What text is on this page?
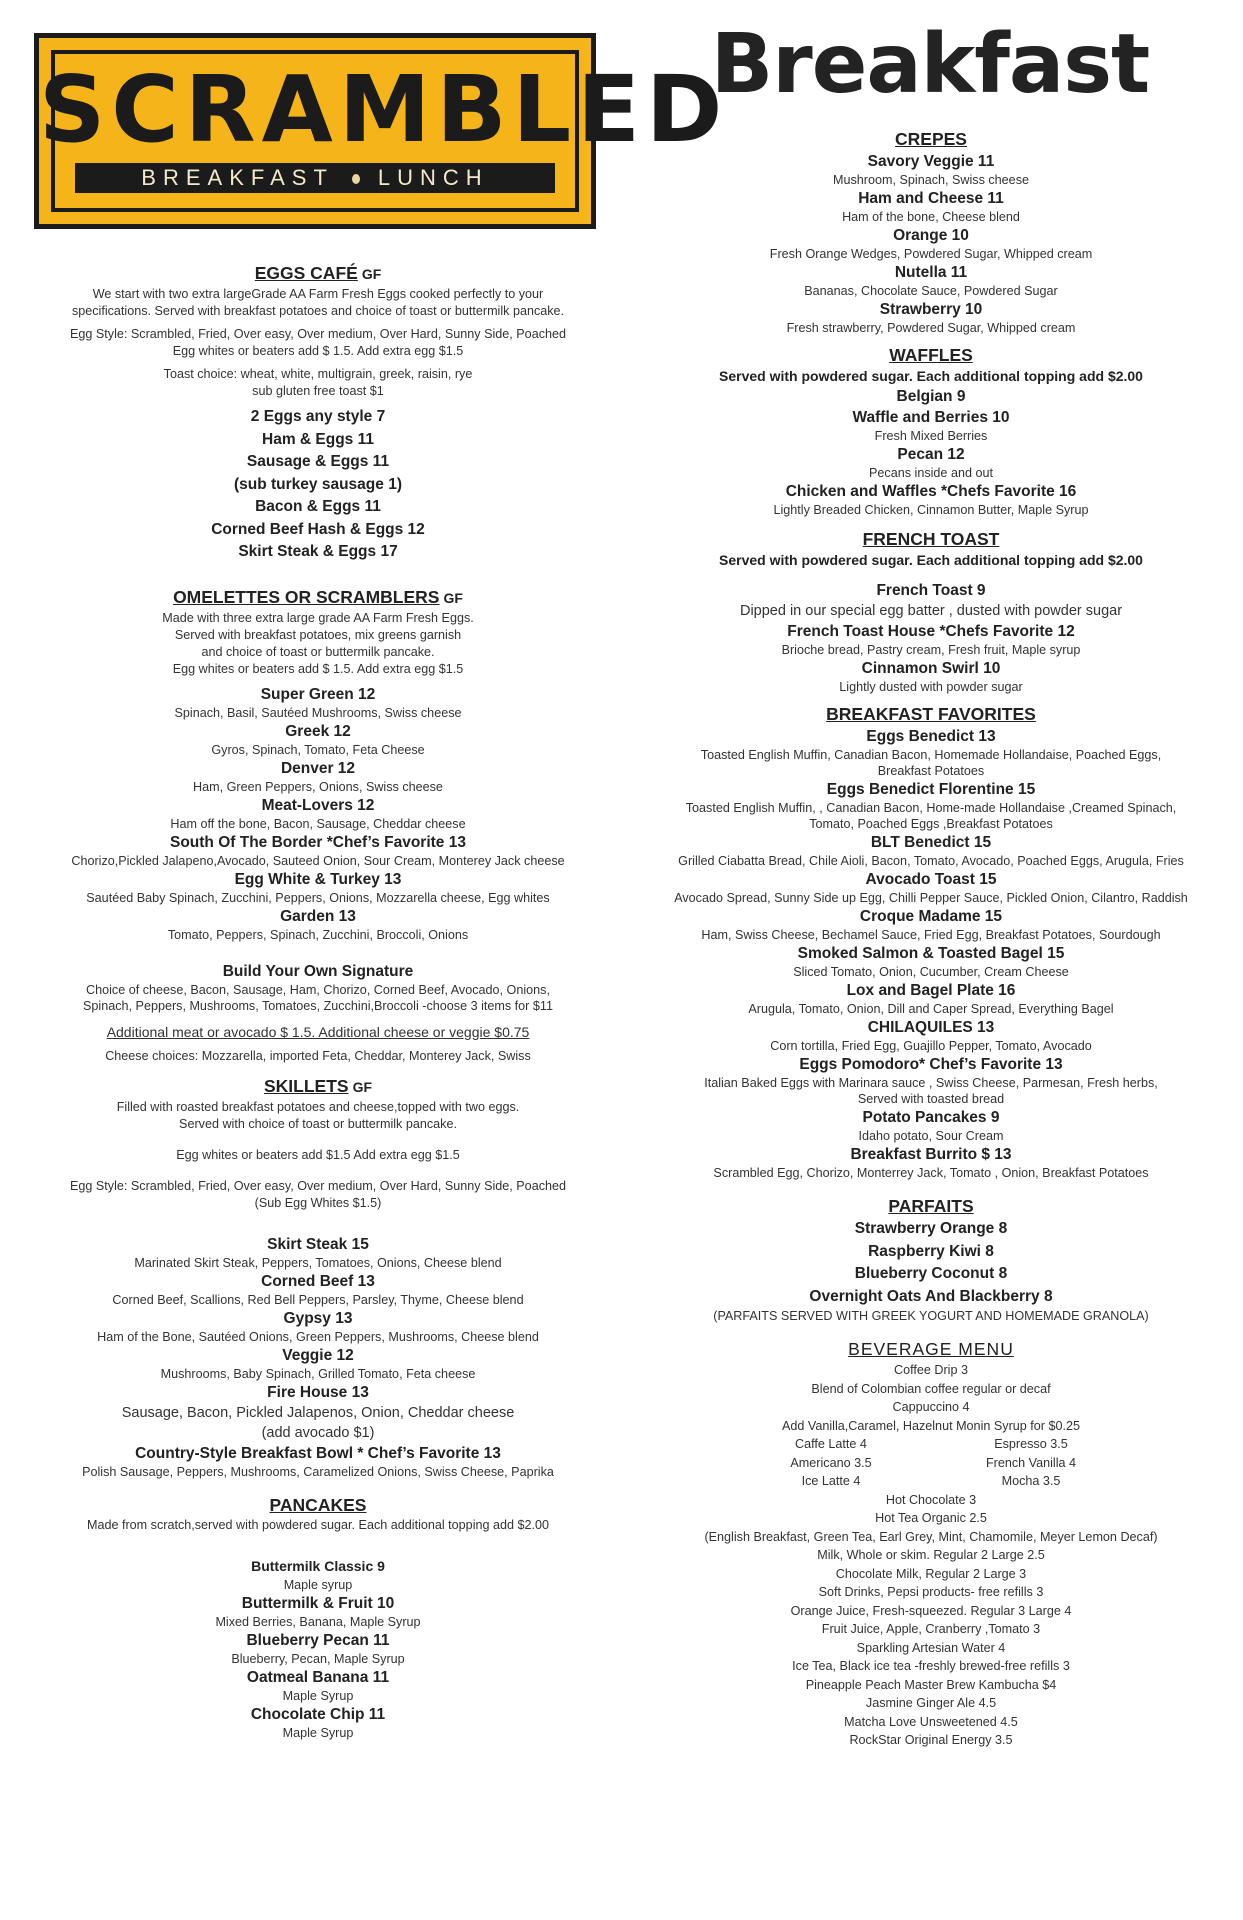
SCRAMBLED
BREAKFAST LUNCH
Breakfast
EGGS CAFÉ GF
We start with two extra largeGrade AA Farm Fresh Eggs cooked perfectly to your
specifications. Served with breakfast potatoes and choice of toast or buttermilk pancake.
Egg Style: Scrambled, Fried, Over easy, Over medium, Over Hard, Sunny Side, Poached
Egg whites or beaters add $ 1.5. Add extra egg $1.5
Toast choice: wheat, white, multigrain, greek, raisin, rye
sub gluten free toast $1
2 Eggs any style 7
Ham & Eggs 11
Sausage & Eggs 11
(sub turkey sausage 1)
Bacon & Eggs 11
Corned Beef Hash & Eggs 12
Skirt Steak & Eggs 17
OMELETTES OR SCRAMBLERS GF
Made with three extra large grade AA Farm Fresh Eggs.
Served with breakfast potatoes, mix greens garnish
and choice of toast or buttermilk pancake.
Egg whites or beaters add $ 1.5. Add extra egg $1.5
Super Green 12
Spinach, Basil, Sautéed Mushrooms, Swiss cheese
Greek 12
Gyros, Spinach, Tomato, Feta Cheese
Denver 12
Ham, Green Peppers, Onions, Swiss cheese
Meat-Lovers 12
Ham off the bone, Bacon, Sausage, Cheddar cheese
South Of The Border *Chef’s Favorite 13
Chorizo,Pickled Jalapeno,Avocado, Sauteed Onion, Sour Cream, Monterey Jack cheese
Egg White & Turkey 13
Sautéed Baby Spinach, Zucchini, Peppers, Onions, Mozzarella cheese, Egg whites
Garden 13
Tomato, Peppers, Spinach, Zucchini, Broccoli, Onions
Build Your Own Signature
Choice of cheese, Bacon, Sausage, Ham, Chorizo, Corned Beef, Avocado, Onions,
Spinach, Peppers, Mushrooms, Tomatoes, Zucchini,Broccoli -choose 3 items for $11
Additional meat or avocado $ 1.5. Additional cheese or veggie $0.75
Cheese choices: Mozzarella, imported Feta, Cheddar, Monterey Jack, Swiss
SKILLETS GF
Filled with roasted breakfast potatoes and cheese,topped with two eggs.
Served with choice of toast or buttermilk pancake.
Egg whites or beaters add $1.5 Add extra egg $1.5
Egg Style: Scrambled, Fried, Over easy, Over medium, Over Hard, Sunny Side, Poached
(Sub Egg Whites $1.5)
Skirt Steak 15
Marinated Skirt Steak, Peppers, Tomatoes, Onions, Cheese blend
Corned Beef 13
Corned Beef, Scallions, Red Bell Peppers, Parsley, Thyme, Cheese blend
Gypsy 13
Ham of the Bone, Sautéed Onions, Green Peppers, Mushrooms, Cheese blend
Veggie 12
Mushrooms, Baby Spinach, Grilled Tomato, Feta cheese
Fire House 13
Sausage, Bacon, Pickled Jalapenos, Onion, Cheddar cheese
(add avocado $1)
Country-Style Breakfast Bowl * Chef’s Favorite 13
Polish Sausage, Peppers, Mushrooms, Caramelized Onions, Swiss Cheese, Paprika
PANCAKES
Made from scratch,served with powdered sugar. Each additional topping add $2.00
Buttermilk Classic 9
Maple syrup
Buttermilk & Fruit 10
Mixed Berries, Banana, Maple Syrup
Blueberry Pecan 11
Blueberry, Pecan, Maple Syrup
Oatmeal Banana 11
Maple Syrup
Chocolate Chip 11
Maple Syrup
CREPES
Savory Veggie 11
Mushroom, Spinach, Swiss cheese
Ham and Cheese 11
Ham of the bone, Cheese blend
Orange 10
Fresh Orange Wedges, Powdered Sugar, Whipped cream
Nutella 11
Bananas, Chocolate Sauce, Powdered Sugar
Strawberry 10
Fresh strawberry, Powdered Sugar, Whipped cream
WAFFLES
Served with powdered sugar. Each additional topping add $2.00
Belgian 9
Waffle and Berries 10
Fresh Mixed Berries
Pecan 12
Pecans inside and out
Chicken and Waffles *Chefs Favorite 16
Lightly Breaded Chicken, Cinnamon Butter, Maple Syrup
FRENCH TOAST
Served with powdered sugar. Each additional topping add $2.00
French Toast 9
Dipped in our special egg batter , dusted with powder sugar
French Toast House *Chefs Favorite 12
Brioche bread, Pastry cream, Fresh fruit, Maple syrup
Cinnamon Swirl 10
Lightly dusted with powder sugar
BREAKFAST FAVORITES
Eggs Benedict 13
Toasted English Muffin, Canadian Bacon, Homemade Hollandaise, Poached Eggs,
Breakfast Potatoes
Eggs Benedict Florentine 15
Toasted English Muffin, , Canadian Bacon, Home-made Hollandaise ,Creamed Spinach,
Tomato, Poached Eggs ,Breakfast Potatoes
BLT Benedict 15
Grilled Ciabatta Bread, Chile Aioli, Bacon, Tomato, Avocado, Poached Eggs, Arugula, Fries
Avocado Toast 15
Avocado Spread, Sunny Side up Egg, Chilli Pepper Sauce, Pickled Onion, Cilantro, Raddish
Croque Madame 15
Ham, Swiss Cheese, Bechamel Sauce, Fried Egg, Breakfast Potatoes, Sourdough
Smoked Salmon & Toasted Bagel 15
Sliced Tomato, Onion, Cucumber, Cream Cheese
Lox and Bagel Plate 16
Arugula, Tomato, Onion, Dill and Caper Spread, Everything Bagel
CHILAQUILES 13
Corn tortilla, Fried Egg, Guajillo Pepper, Tomato, Avocado
Eggs Pomodoro* Chef’s Favorite 13
Italian Baked Eggs with Marinara sauce , Swiss Cheese, Parmesan, Fresh herbs,
Served with toasted bread
Potato Pancakes 9
Idaho potato, Sour Cream
Breakfast Burrito $ 13
Scrambled Egg, Chorizo, Monterrey Jack, Tomato , Onion, Breakfast Potatoes
PARFAITS
Strawberry Orange 8
Raspberry Kiwi 8
Blueberry Coconut 8
Overnight Oats And Blackberry 8
(PARFAITS SERVED WITH GREEK YOGURT AND HOMEMADE GRANOLA)
BEVERAGE MENU
Coffee Drip 3
Blend of Colombian coffee regular or decaf
Cappuccino 4
Add Vanilla,Caramel, Hazelnut Monin Syrup for $0.25
Caffe Latte 4	Espresso 3.5
Americano 3.5	French Vanilla 4
Ice Latte 4	Mocha 3.5
Hot Chocolate 3
Hot Tea Organic 2.5
(English Breakfast, Green Tea, Earl Grey, Mint, Chamomile, Meyer Lemon Decaf)
Milk, Whole or skim. Regular 2 Large 2.5
Chocolate Milk, Regular 2 Large 3
Soft Drinks, Pepsi products- free refills 3
Orange Juice, Fresh-squeezed. Regular 3 Large 4
Fruit Juice, Apple, Cranberry ,Tomato 3
Sparkling Artesian Water 4
Ice Tea, Black ice tea -freshly brewed-free refills 3
Pineapple Peach Master Brew Kambucha $4
Jasmine Ginger Ale 4.5
Matcha Love Unsweetened 4.5
RockStar Original Energy 3.5
